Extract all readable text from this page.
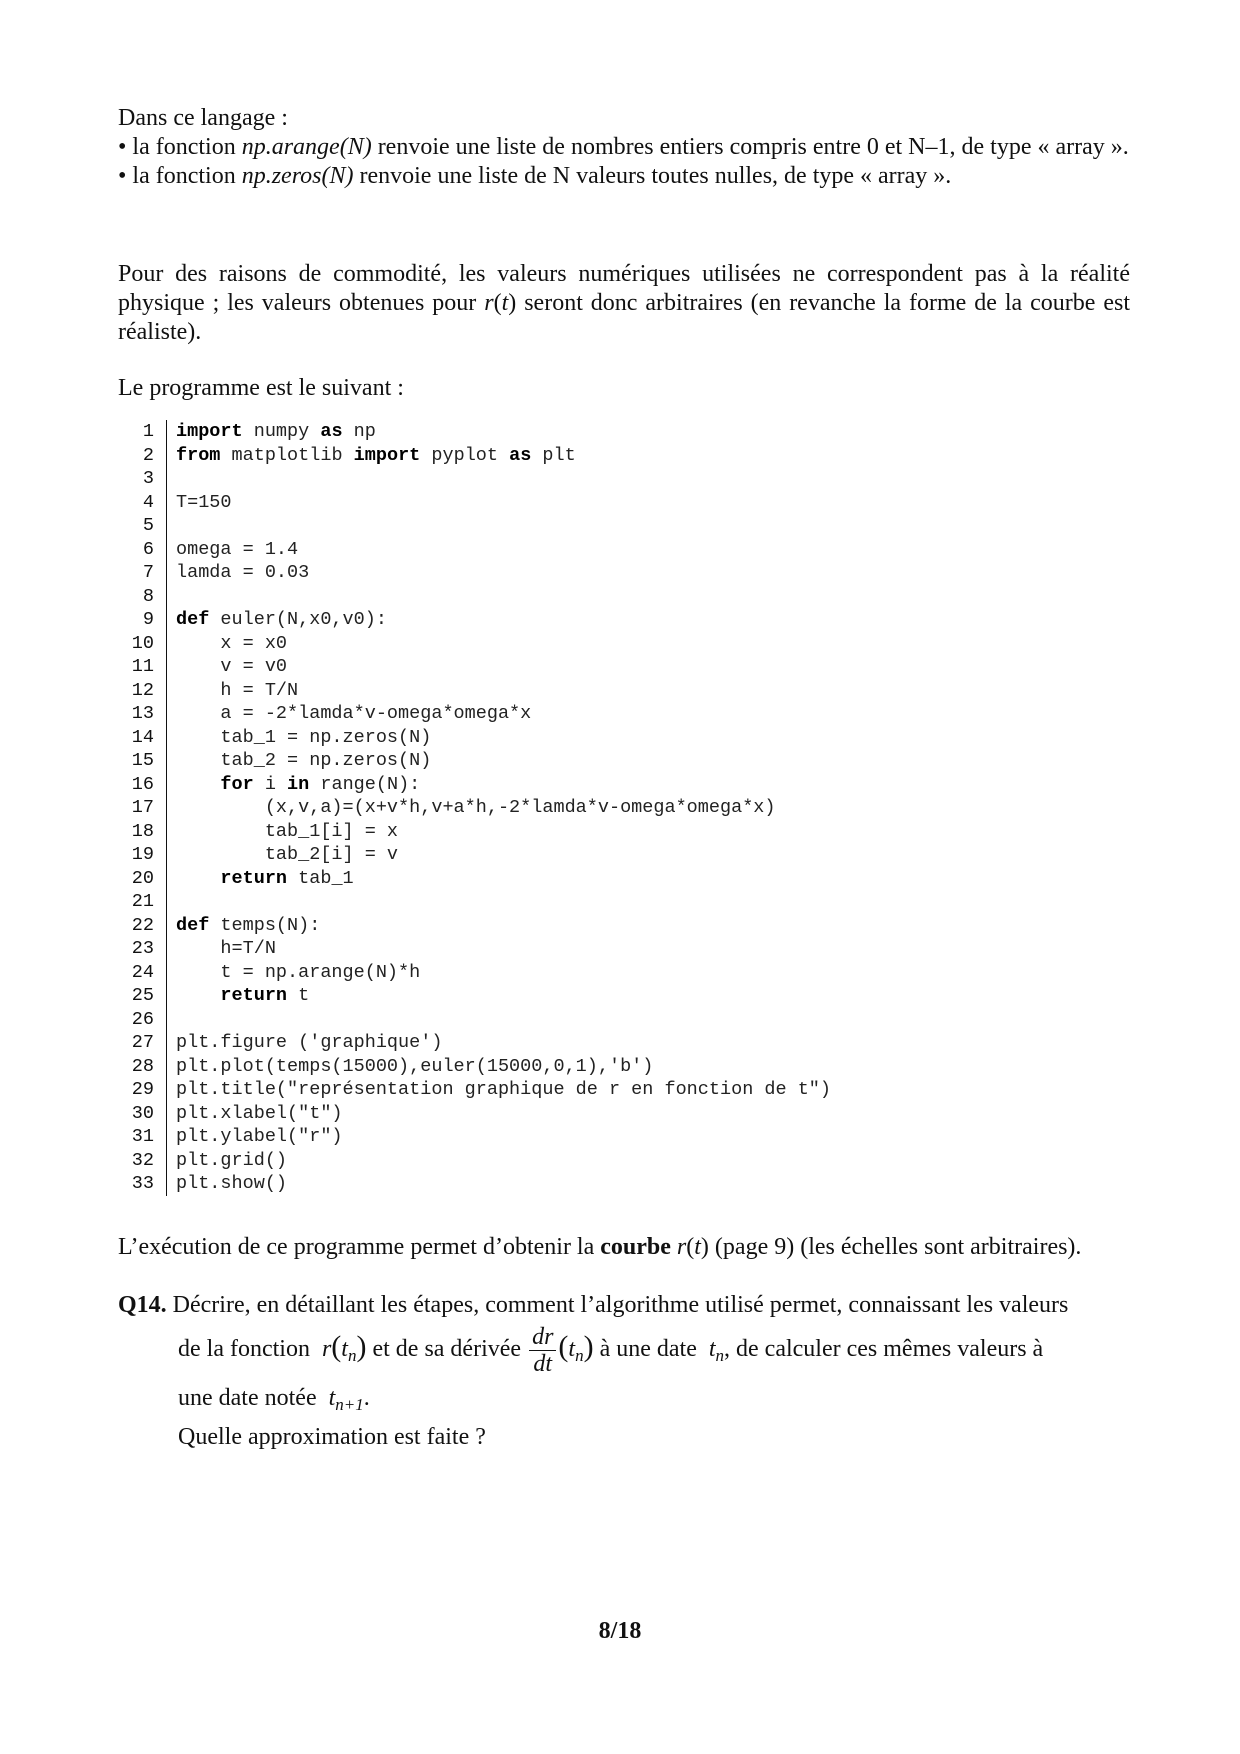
Dans ce langage :

• la fonction np.arange(N) renvoie une liste de nombres entiers compris entre 0 et N–1, de type « array ».

• la fonction np.zeros(N) renvoie une liste de N valeurs toutes nulles, de type « array ».

Pour des raisons de commodité, les valeurs numériques utilisées ne correspondent pas à la réalité physique ; les valeurs obtenues pour r(t) seront donc arbitraires (en revanche la forme de la courbe est réaliste).
Le programme est le suivant :
1	import numpy as np
2	from matplotlib import pyplot as plt
3

4	T=150
5

6	omega = 1.4
7	lamda = 0.03
8

9	def euler(N,x0,v0):
10	x = x0
11	v = v0
12	h = T/N
13	a = -2*lamda*v-omega*omega*x
14	tab_1 = np.zeros(N)
15	tab_2 = np.zeros(N)
16	for i in range(N):
17	(x,v,a)=(x+v*h,v+a*h,-2*lamda*v-omega*omega*x)
18	tab_1[i] = x
19	tab_2[i] = v
20	return tab_1
21

22	def temps(N):
23	h=T/N
24	t = np.arange(N)*h
25	return t
26

27	plt.figure ('graphique')
28	plt.plot(temps(15000),euler(15000,0,1),'b')
29	plt.title("représentation graphique de r en fonction de t")
30	plt.xlabel("t")
31	plt.ylabel("r")
32	plt.grid()
33	plt.show()
L’exécution de ce programme permet d’obtenir la courbe r(t) (page 9) (les échelles sont arbitraires).
Q14. Décrire, en détaillant les étapes, comment l’algorithme utilisé permet, connaissant les valeurs
de la fonction $r(t_n)$ et de sa dérivée $\frac{dr}{dt} (t_n)$ à une date $t_n$, de calculer ces mêmes valeurs à
une date notée $t_{n+1}$.
Quelle approximation est faite ?
8/18
